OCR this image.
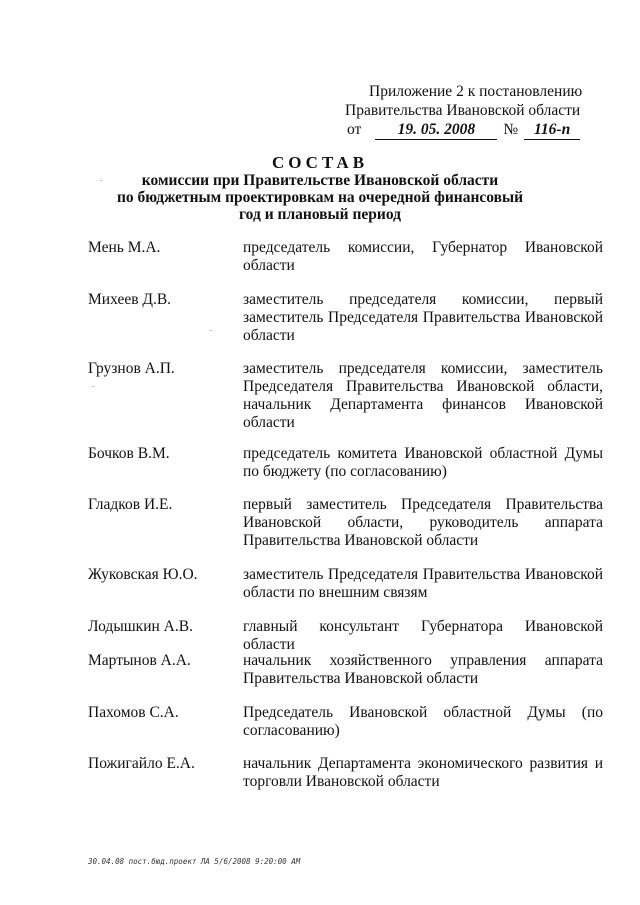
Приложение 2 к постановлению
Правительства Ивановской области
от 19. 05. 2008 № 116-п
СОСТАВ
комиссии при Правительстве Ивановской области
по бюджетным проектировкам на очередной финансовый
год и плановый период
Мень М.А.	председатель комиссии, Губернатор Ивановской области
Михеев Д.В.	заместитель председателя комиссии, первый заместитель Председателя Правительства Ивановской области
Грузнов А.П.	заместитель председателя комиссии, заместитель Председателя Правительства Ивановской области, начальник Департамента финансов Ивановской области
Бочков В.М.	председатель комитета Ивановской областной Думы по бюджету (по согласованию)
Гладков И.Е.	первый заместитель Председателя Правительства Ивановской области, руководитель аппарата Правительства Ивановской области
Жуковская Ю.О.	заместитель Председателя Правительства Ивановской области по внешним связям
Лодышкин А.В.	главный консультант Губернатора Ивановской области
Мартынов А.А.	начальник хозяйственного управления аппарата Правительства Ивановской области
Пахомов С.А.	Председатель Ивановской областной Думы (по согласованию)
Пожигайло Е.А.	начальник Департамента экономического развития и торговли Ивановской области
30.04.08 пост.бюд.проект ЛА 5/6/2008 9:20:00 AM
